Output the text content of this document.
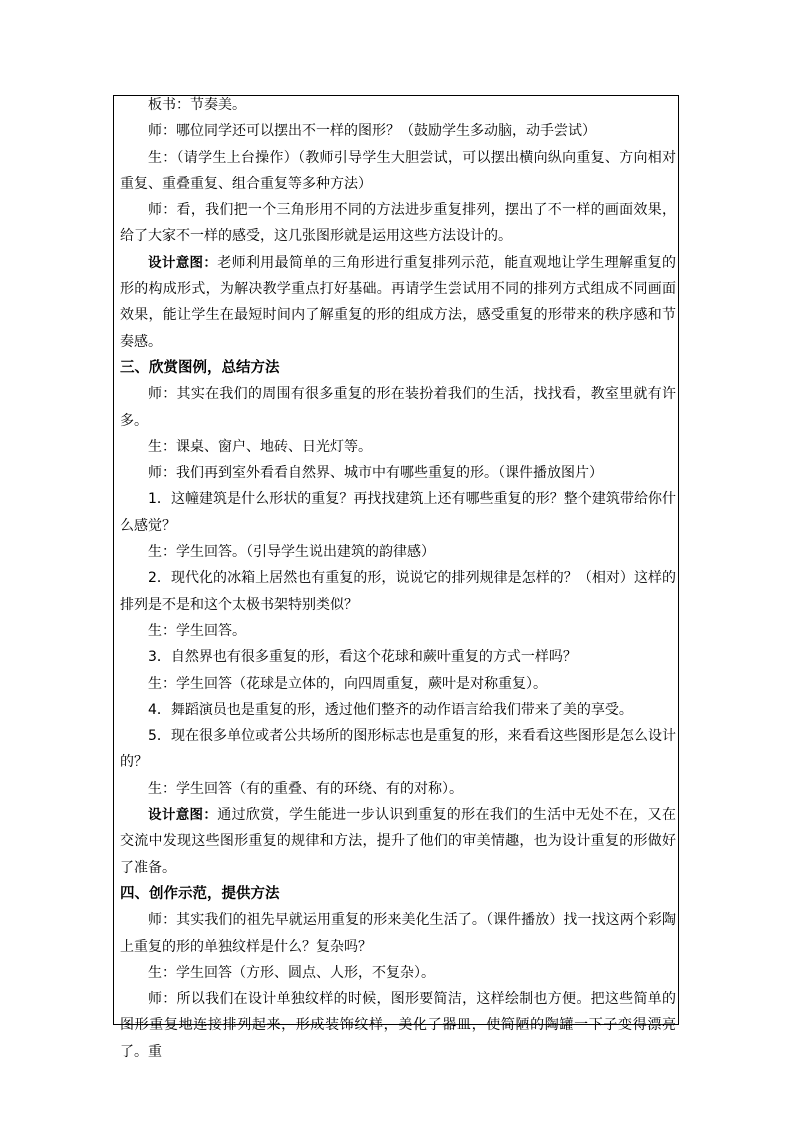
板书：节奏美。

师：哪位同学还可以摆出不一样的图形？（鼓励学生多动脑，动手尝试）

生：（请学生上台操作）（教师引导学生大胆尝试，可以摆出横向纵向重复、方向相对重复、重叠重复、组合重复等多种方法）

师：看，我们把一个三角形用不同的方法进步重复排列，摆出了不一样的画面效果，给了大家不一样的感受，这几张图形就是运用这些方法设计的。

设计意图：老师利用最简单的三角形进行重复排列示范，能直观地让学生理解重复的形的构成形式，为解决教学重点打好基础。再请学生尝试用不同的排列方式组成不同画面效果，能让学生在最短时间内了解重复的形的组成方法，感受重复的形带来的秩序感和节奏感。

三、欣赏图例，总结方法

师：其实在我们的周围有很多重复的形在装扮着我们的生活，找找看，教室里就有许多。

生：课桌、窗户、地砖、日光灯等。

师：我们再到室外看看自然界、城市中有哪些重复的形。（课件播放图片）

1．这幢建筑是什么形状的重复？再找找建筑上还有哪些重复的形？整个建筑带给你什么感觉？

生：学生回答。（引导学生说出建筑的韵律感）

2．现代化的冰箱上居然也有重复的形，说说它的排列规律是怎样的？（相对）这样的排列是不是和这个太极书架特别类似？

生：学生回答。

3．自然界也有很多重复的形，看这个花球和蕨叶重复的方式一样吗？

生：学生回答（花球是立体的，向四周重复，蕨叶是对称重复）。

4．舞蹈演员也是重复的形，透过他们整齐的动作语言给我们带来了美的享受。

5．现在很多单位或者公共场所的图形标志也是重复的形，来看看这些图形是怎么设计的？

生：学生回答（有的重叠、有的环绕、有的对称）。

设计意图：通过欣赏，学生能进一步认识到重复的形在我们的生活中无处不在，又在交流中发现这些图形重复的规律和方法，提升了他们的审美情趣，也为设计重复的形做好了准备。

四、创作示范，提供方法

师：其实我们的祖先早就运用重复的形来美化生活了。（课件播放）找一找这两个彩陶上重复的形的单独纹样是什么？复杂吗？

生：学生回答（方形、圆点、人形，不复杂）。

师：所以我们在设计单独纹样的时候，图形要简洁，这样绘制也方便。把这些简单的图形重复地连接排列起来，形成装饰纹样，美化了器皿，使简陋的陶罐一下子变得漂亮了。重
